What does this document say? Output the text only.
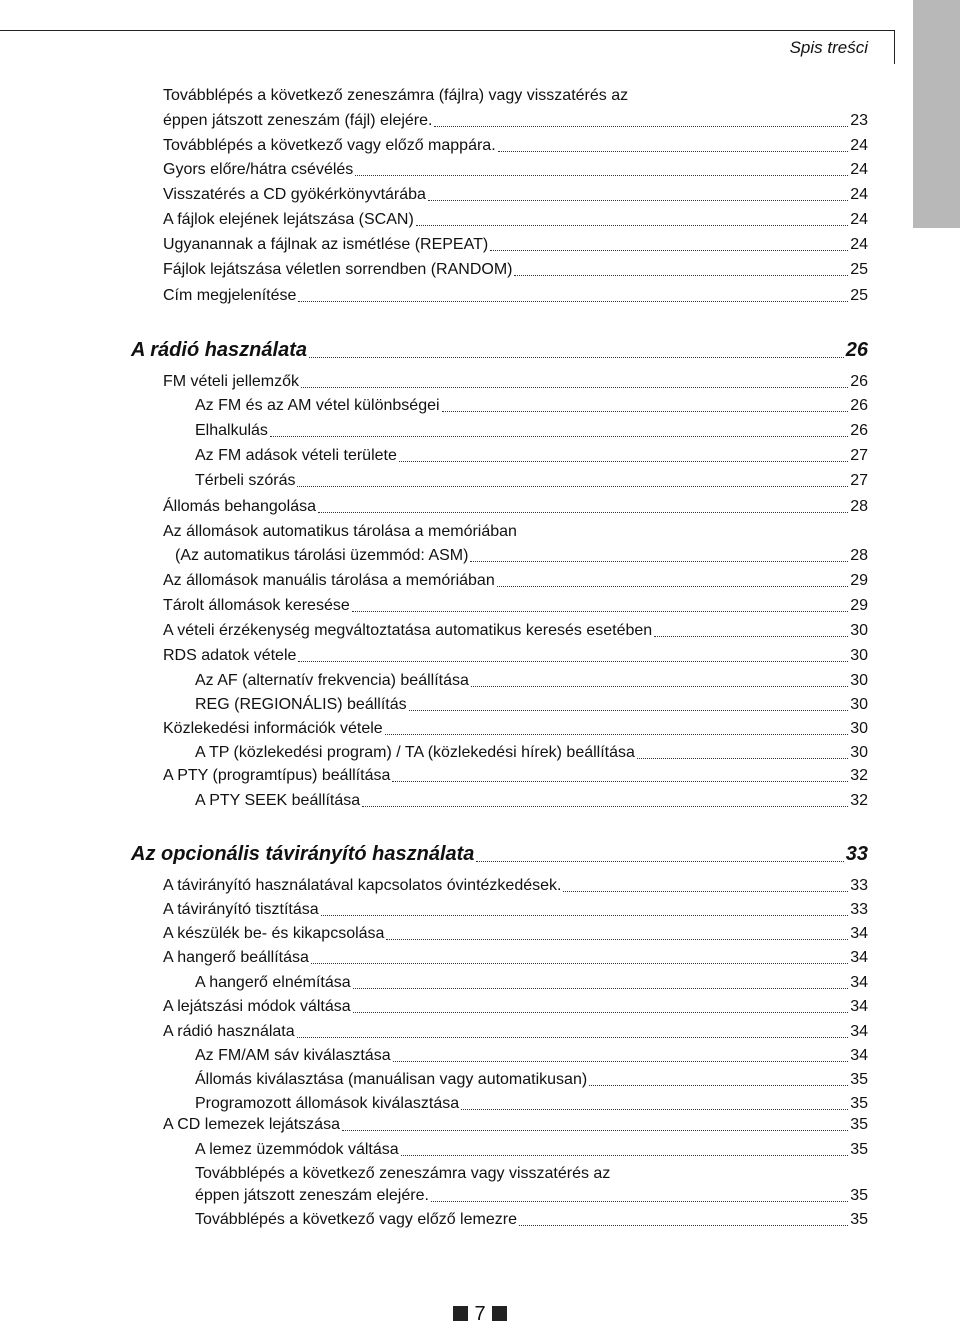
Spis treści
Továbblépés a következő zeneszámra (fájlra) vagy visszatérés az
éppen játszott zeneszám (fájl) elejére.	23
Továbblépés a következő vagy előző mappára.	24
Gyors előre/hátra csévélés	24
Visszatérés a CD gyökérkönyvtárába	24
A fájlok elejének lejátszása (SCAN)	24
Ugyanannak a fájlnak az ismétlése (REPEAT)	24
Fájlok lejátszása véletlen sorrendben (RANDOM)	25
Cím megjelenítése	25
A rádió használata	26
FM vételi jellemzők	26
Az FM és az AM vétel különbségei	26
Elhalkulás	26
Az FM adások vételi területe	27
Térbeli szórás	27
Állomás behangolása	28
Az állomások automatikus tárolása a memóriában
(Az automatikus tárolási üzemmód: ASM)	28
Az állomások manuális tárolása a memóriában	29
Tárolt állomások keresése	29
A vételi érzékenység megváltoztatása automatikus keresés esetében	30
RDS adatok vétele	30
Az AF (alternatív frekvencia) beállítása	30
REG (REGIONÁLIS) beállítás	30
Közlekedési információk vétele	30
A TP (közlekedési program) / TA (közlekedési hírek) beállítása	30
A PTY (programtípus) beállítása	32
A PTY SEEK beállítása	32
Az opcionális távirányító használata	33
A távirányító használatával kapcsolatos óvintézkedések.	33
A távirányító tisztítása	33
A készülék be- és kikapcsolása	34
A hangerő beállítása	34
A hangerő elnémítása	34
A lejátszási módok váltása	34
A rádió használata	34
Az FM/AM sáv kiválasztása	34
Állomás kiválasztása (manuálisan vagy automatikusan)	35
Programozott állomások kiválasztása	35
A CD lemezek lejátszása	35
A lemez üzemmódok váltása	35
Továbblépés a következő zeneszámra vagy visszatérés az
éppen játszott zeneszám elejére.	35
Továbblépés a következő vagy előző lemezre	35
7
